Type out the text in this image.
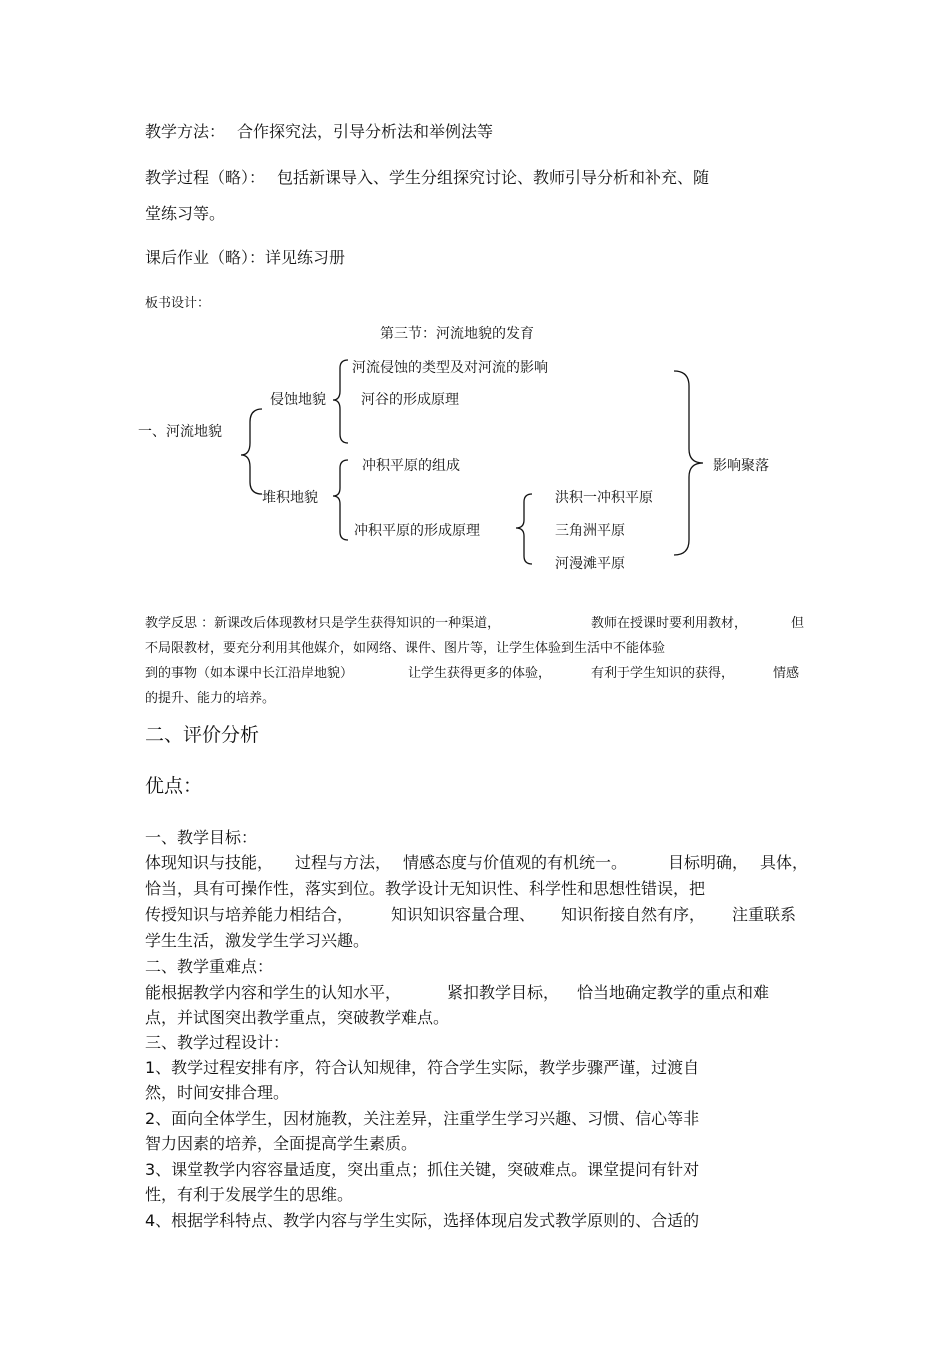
教学方法： 合作探究法，引导分析法和举例法等
教学过程（略）： 包括新课导入、学生分组探究讨论、教师引导分析和补充、随
堂练习等。
课后作业（略）：详见练习册
板书设计：
第三节：河流地貌的发育
一、河流地貌
侵蚀地貌
河流侵蚀的类型及对河流的影响
河谷的形成原理
冲积平原的组成
堆积地貌
冲积平原的形成原理
洪积一冲积平原
三角洲平原
河漫滩平原
影响聚落
教学反思 ：新课改后体现教材只是学生获得知识的一种渠道，	教师在授课时要利用教材，	但
不局限教材，要充分利用其他媒介，如网络、课件、图片等，让学生体验到生活中不能体验
到的事物（如本课中长江沿岸地貌）	让学生获得更多的体验，	有利于学生知识的获得，	情感
的提升、能力的培养。
二、评价分析
优点：
一、教学目标：
体现知识与技能， 过程与方法， 情感态度与价值观的有机统一。	目标明确， 具体，
恰当，具有可操作性，落实到位。教学设计无知识性、科学性和思想性错误，把
传授知识与培养能力相结合， 知识知识容量合理、 知识衔接自然有序， 注重联系
学生生活，激发学生学习兴趣。
二、教学重难点：
能根据教学内容和学生的认知水平，	紧扣教学目标， 恰当地确定教学的重点和难
点，并试图突出教学重点，突破教学难点。
三、教学过程设计：
1、教学过程安排有序，符合认知规律，符合学生实际，教学步骤严谨，过渡自
然，时间安排合理。
2、面向全体学生，因材施教，关注差异，注重学生学习兴趣、习惯、信心等非
智力因素的培养，全面提高学生素质。
3、课堂教学内容容量适度，突出重点；抓住关键，突破难点。课堂提问有针对
性，有利于发展学生的思维。
4、根据学科特点、教学内容与学生实际，选择体现启发式教学原则的、合适的
